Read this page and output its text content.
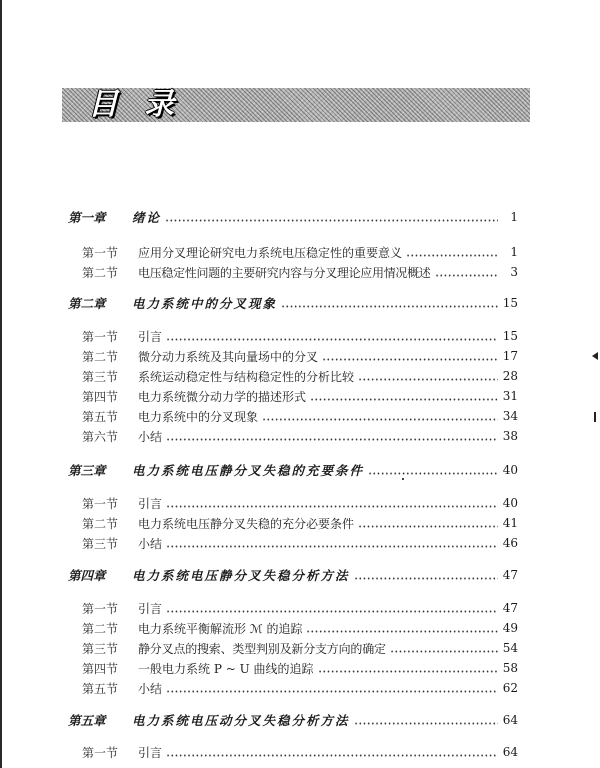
目录
第一章	绪论	1
第一节	应用分叉理论研究电力系统电压稳定性的重要意义	1
第二节	电压稳定性问题的主要研究内容与分叉理论应用情况概述	3
第二章	电力系统中的分叉现象	15
第一节	引言	15
第二节	微分动力系统及其向量场中的分叉	17
第三节	系统运动稳定性与结构稳定性的分析比较	28
第四节	电力系统微分动力学的描述形式	31
第五节	电力系统中的分叉现象	34
第六节	小结	38
第三章	电力系统电压静分叉失稳的充要条件	40
第一节	引言	40
第二节	电力系统电压静分叉失稳的充分必要条件	41
第三节	小结	46
第四章	电力系统电压静分叉失稳分析方法	47
第一节	引言	47
第二节	电力系统平衡解流形 ℳ 的追踪	49
第三节	静分叉点的搜索、类型判别及新分支方向的确定	54
第四节	一般电力系统 P ~ U 曲线的追踪	58
第五节	小结	62
第五章	电力系统电压动分叉失稳分析方法	64
第一节	引言	64
